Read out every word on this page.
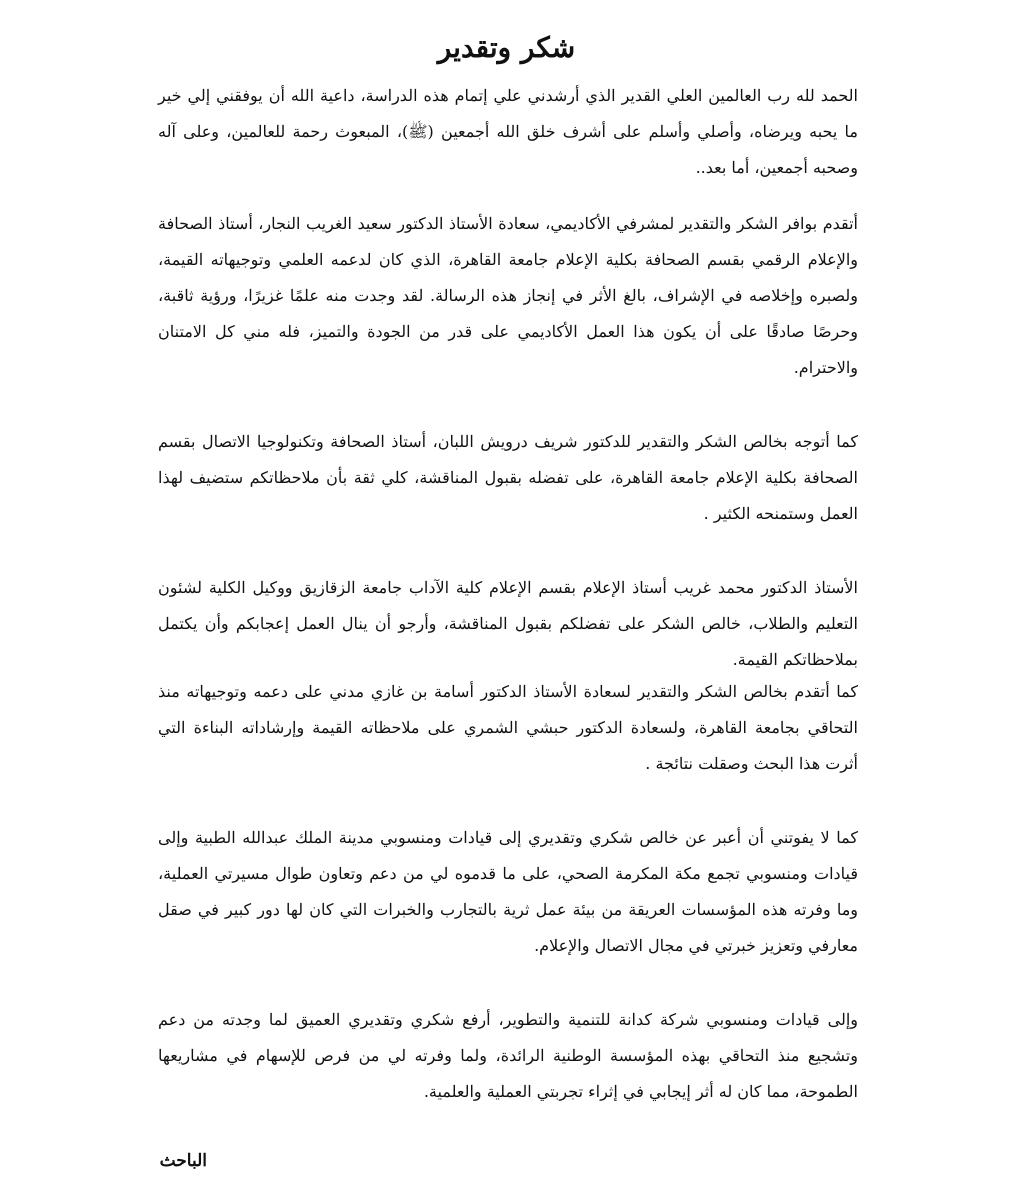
شكر وتقدير

الحمد لله رب العالمين العلي القدير الذي أرشدني علي إتمام هذه الدراسة، داعية الله أن يوفقني إلي خير ما يحبه ويرضاه، وأصلي وأسلم على أشرف خلق الله أجمعين (ﷺ)، المبعوث رحمة للعالمين، وعلى آله وصحبه أجمعين، أما بعد..

أتقدم بوافر الشكر والتقدير لمشرفي الأكاديمي، سعادة الأستاذ الدكتور سعيد الغريب النجار، أستاذ الصحافة والإعلام الرقمي بقسم الصحافة بكلية الإعلام جامعة القاهرة، الذي كان لدعمه العلمي وتوجيهاته القيمة، ولصبره وإخلاصه في الإشراف، بالغ الأثر في إنجاز هذه الرسالة. لقد وجدت منه علمًا غزيرًا، ورؤية ثاقبة، وحرصًا صادقًا على أن يكون هذا العمل الأكاديمي على قدر من الجودة والتميز، فله مني كل الامتنان والاحترام.

كما أتوجه بخالص الشكر والتقدير للدكتور شريف درويش اللبان، أستاذ الصحافة وتكنولوجيا الاتصال بقسم الصحافة بكلية الإعلام جامعة القاهرة، على تفضله بقبول المناقشة، كلي ثقة بأن ملاحظاتكم ستضيف لهذا العمل وستمنحه الكثير .

الأستاذ الدكتور محمد غريب أستاذ الإعلام بقسم الإعلام كلية الآداب جامعة الزقازيق ووكيل الكلية لشئون التعليم والطلاب، خالص الشكر على تفضلكم بقبول المناقشة، وأرجو أن ينال العمل إعجابكم وأن يكتمل بملاحظاتكم القيمة.

كما أتقدم بخالص الشكر والتقدير لسعادة الأستاذ الدكتور أسامة بن غازي مدني على دعمه وتوجيهاته منذ التحاقي بجامعة القاهرة، ولسعادة الدكتور حبشي الشمري على ملاحظاته القيمة وإرشاداته البناءة التي أثرت هذا البحث وصقلت نتائجة .

كما لا يفوتني أن أعبر عن خالص شكري وتقديري إلى قيادات ومنسوبي مدينة الملك عبدالله الطبية وإلى قيادات ومنسوبي تجمع مكة المكرمة الصحي، على ما قدموه لي من دعم وتعاون طوال مسيرتي العملية، وما وفرته هذه المؤسسات العريقة من بيئة عمل ثرية بالتجارب والخبرات التي كان لها دور كبير في صقل معارفي وتعزيز خبرتي في مجال الاتصال والإعلام.

وإلى قيادات ومنسوبي شركة كدانة للتنمية والتطوير، أرفع شكري وتقديري العميق لما وجدته من دعم وتشجيع منذ التحاقي بهذه المؤسسة الوطنية الرائدة، ولما وفرته لي من فرص للإسهام في مشاريعها الطموحة، مما كان له أثر إيجابي في إثراء تجربتي العملية والعلمية.

الباحث
